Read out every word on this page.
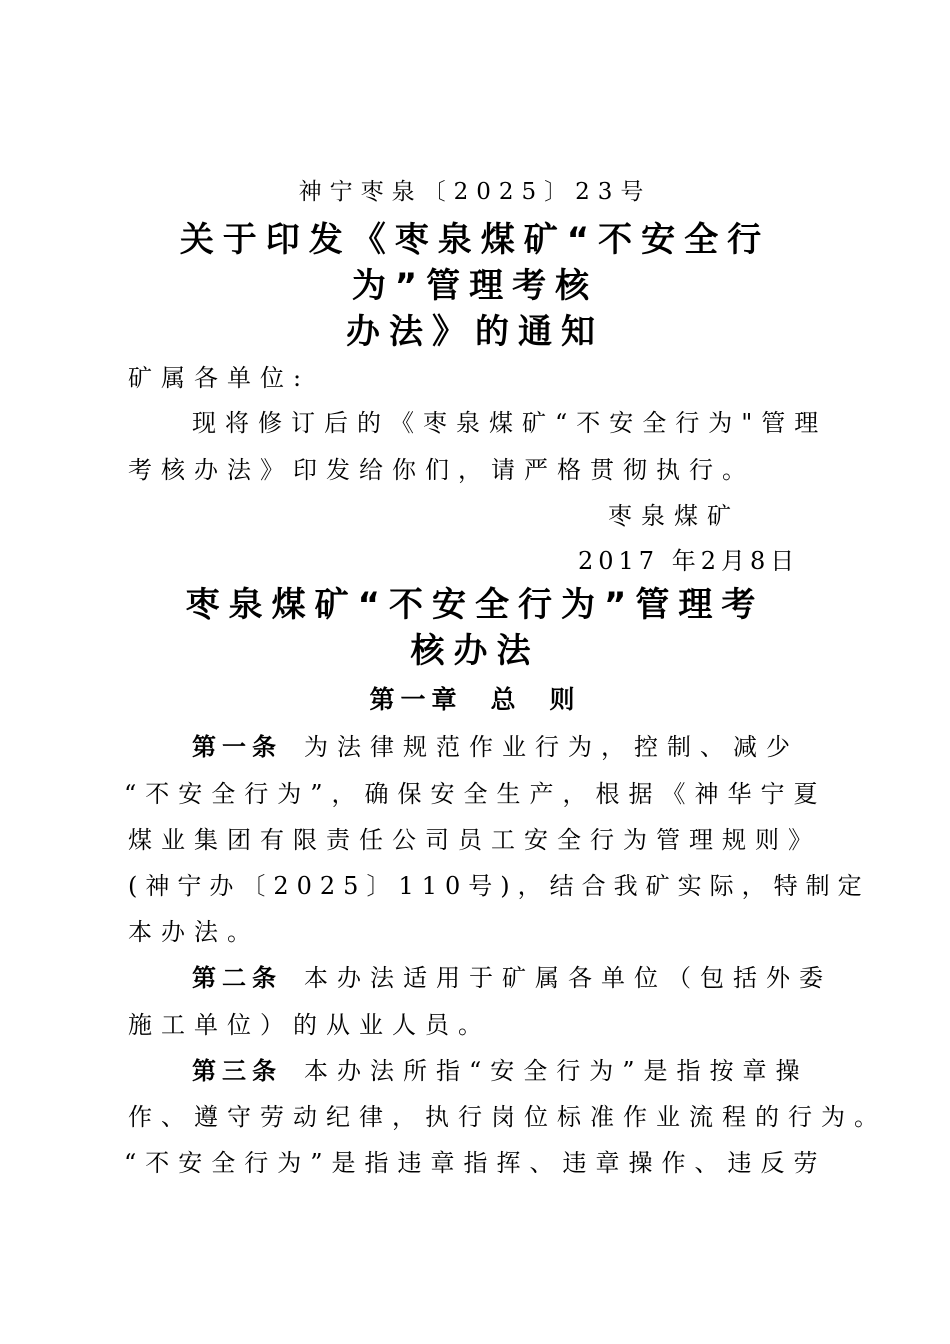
神宁枣泉〔2025〕23号
关于印发《枣泉煤矿“不安全行
为”管理考核
办法》的通知
矿属各单位:
现将修订后的《枣泉煤矿“不安全行为"管理
考核办法》印发给你们，请严格贯彻执行。
枣泉煤矿
2017 年2月8日
枣泉煤矿“不安全行为”管理考
核办法
第一章 总 则
第一条 为法律规范作业行为，控制、减少
“不安全行为”，确保安全生产，根据《神华宁夏
煤业集团有限责任公司员工安全行为管理规则》
(神宁办〔2025〕110号)，结合我矿实际，特制定
本办法。
第二条 本办法适用于矿属各单位（包括外委
施工单位）的从业人员。
第三条 本办法所指“安全行为”是指按章操
作、遵守劳动纪律，执行岗位标准作业流程的行为。
“不安全行为”是指违章指挥、违章操作、违反劳
